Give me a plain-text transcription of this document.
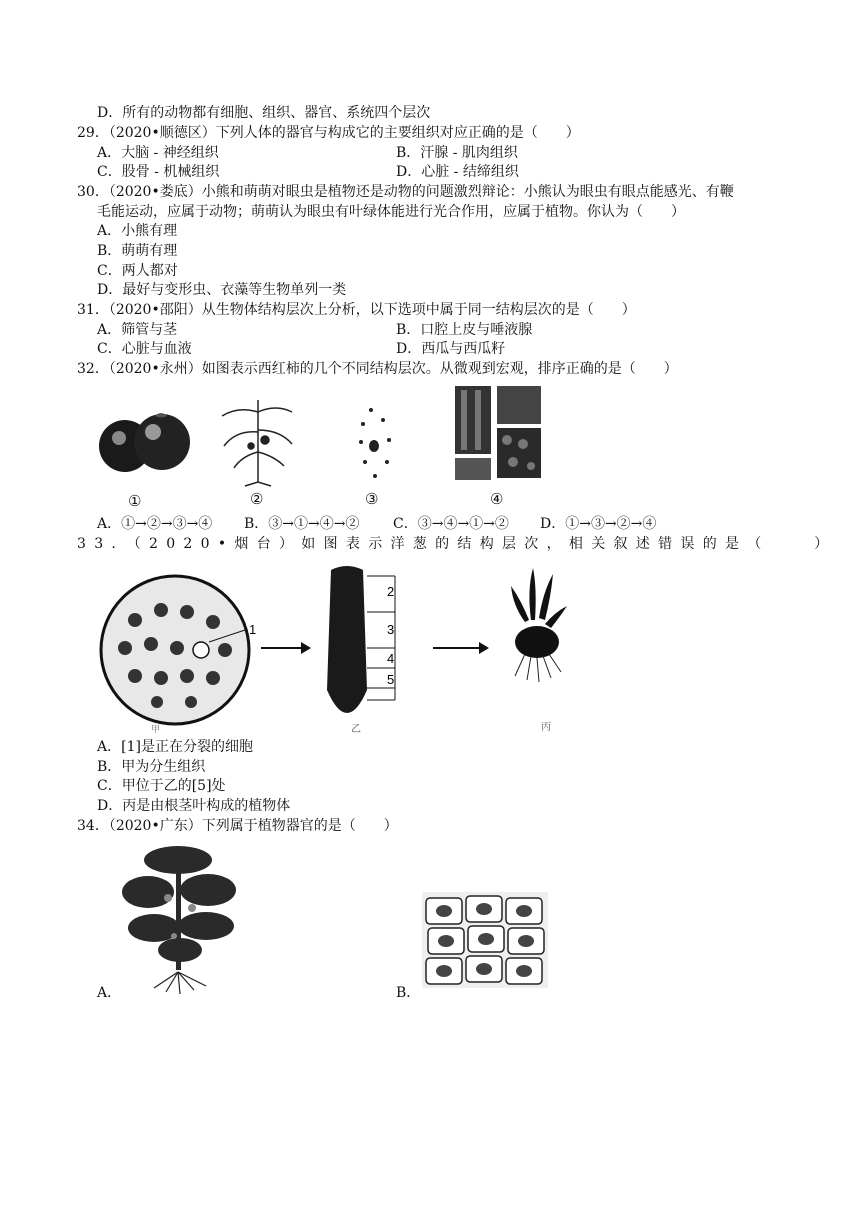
D．所有的动物都有细胞、组织、器官、系统四个层次
29．（2020•顺德区）下列人体的器官与构成它的主要组织对应正确的是（　　）
A．大脑 - 神经组织	B．汗腺 - 肌肉组织
C．股骨 - 机械组织	D．心脏 - 结缔组织
30．（2020•娄底）小熊和萌萌对眼虫是植物还是动物的问题激烈辩论：小熊认为眼虫有眼点能感光、有鞭
毛能运动，应属于动物；萌萌认为眼虫有叶绿体能进行光合作用，应属于植物。你认为（　　）
A．小熊有理
B．萌萌有理
C．两人都对
D．最好与变形虫、衣藻等生物单列一类
31．（2020•邵阳）从生物体结构层次上分析，以下选项中属于同一结构层次的是（　　）
A．筛管与茎	B．口腔上皮与唾液腺
C．心脏与血液	D．西瓜与西瓜籽
32．（2020•永州）如图表示西红柿的几个不同结构层次。从微观到宏观，排序正确的是（　　）
①	②	③	④
A．①→②→③→④ B．③→①→④→② C．③→④→①→② D．①→③→②→④
33．（2020•烟台）如图表示洋葱的结构层次，相关叙述错误的是（　　）
1
甲
2
3
4
5
乙	丙
A．[1]是正在分裂的细胞
B．甲为分生组织
C．甲位于乙的[5]处
D．丙是由根茎叶构成的植物体
34．（2020•广东）下列属于植物器官的是（　　）
A．	B．
